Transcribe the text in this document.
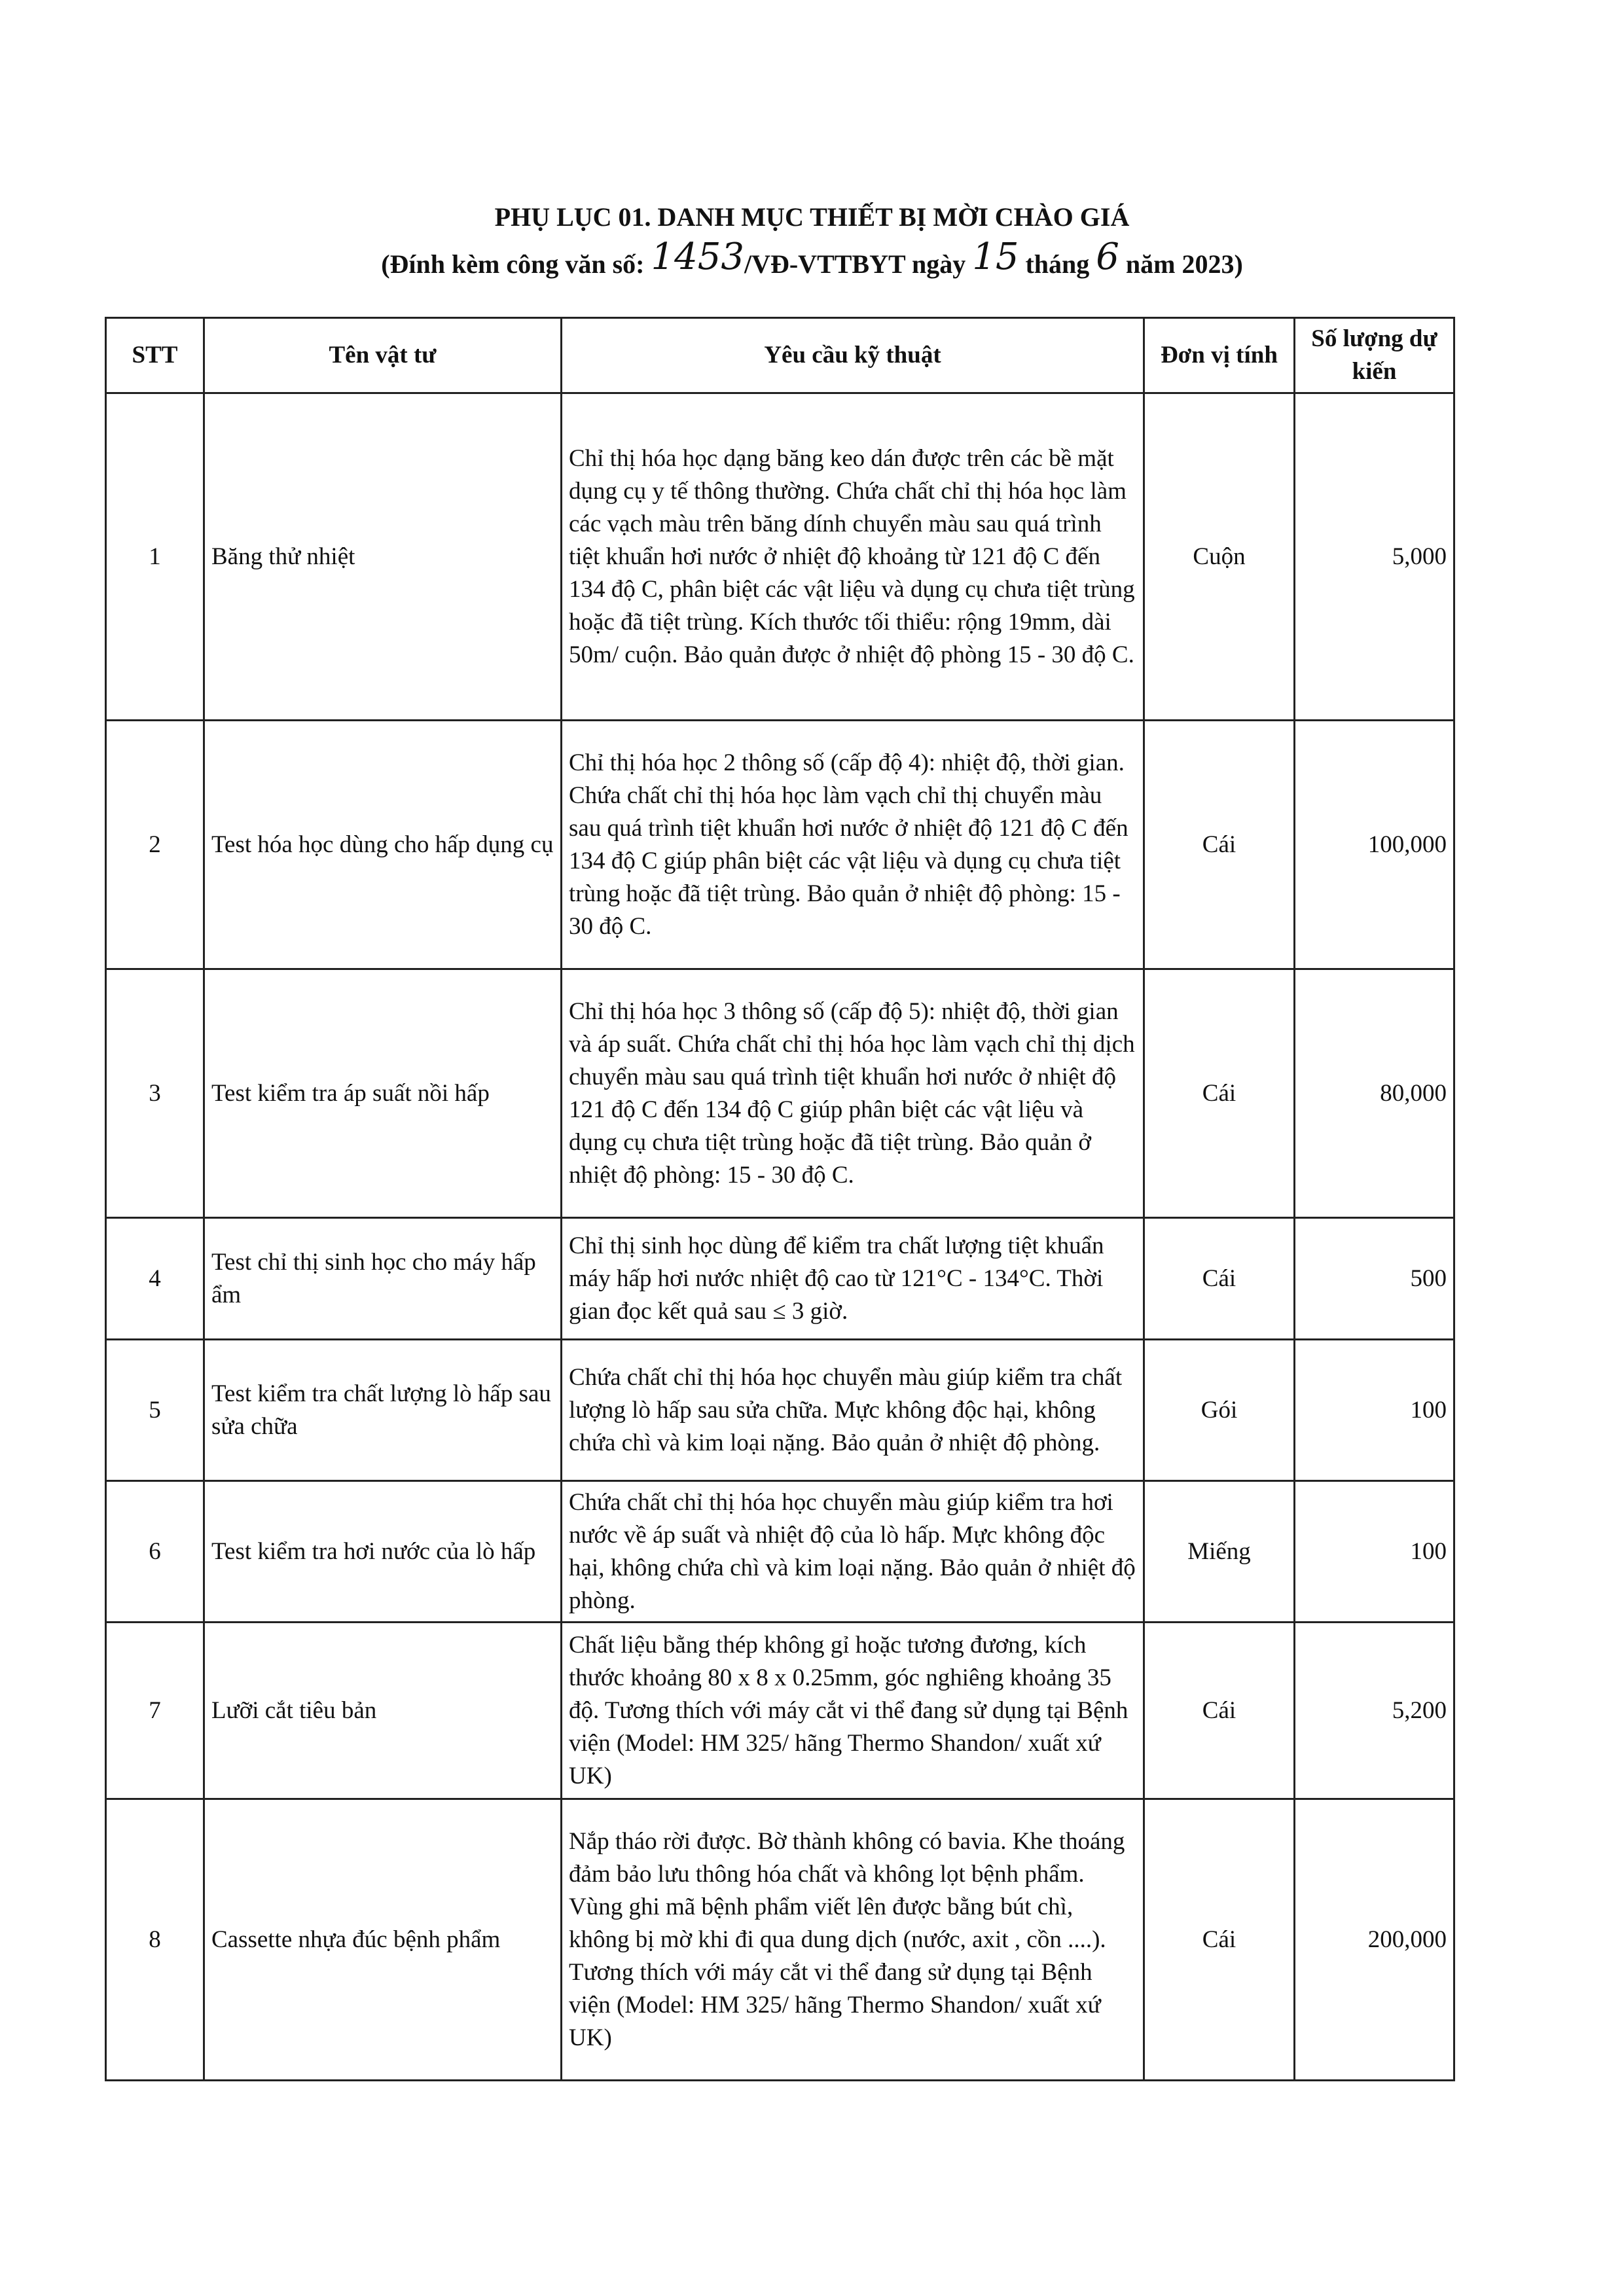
PHỤ LỤC 01. DANH MỤC THIẾT BỊ MỜI CHÀO GIÁ
(Đính kèm công văn số: 1453/VĐ-VTTBYT ngày 15 tháng 6 năm 2023)
STT	Tên vật tư	Yêu cầu kỹ thuật	Đơn vị tính	Số lượng dự kiến
1	Băng thử nhiệt	Chỉ thị hóa học dạng băng keo dán được trên các bề mặt dụng cụ y tế thông thường. Chứa chất chỉ thị hóa học làm các vạch màu trên băng dính chuyển màu sau quá trình tiệt khuẩn hơi nước ở nhiệt độ khoảng từ 121 độ C đến 134 độ C, phân biệt các vật liệu và dụng cụ chưa tiệt trùng hoặc đã tiệt trùng. Kích thước tối thiểu: rộng 19mm, dài 50m/ cuộn. Bảo quản được ở nhiệt độ phòng 15 - 30 độ C.	Cuộn	5,000
2	Test hóa học dùng cho hấp dụng cụ	Chỉ thị hóa học 2 thông số (cấp độ 4): nhiệt độ, thời gian. Chứa chất chỉ thị hóa học làm vạch chỉ thị chuyển màu sau quá trình tiệt khuẩn hơi nước ở nhiệt độ 121 độ C đến 134 độ C giúp phân biệt các vật liệu và dụng cụ chưa tiệt trùng hoặc đã tiệt trùng. Bảo quản ở nhiệt độ phòng: 15 - 30 độ C.	Cái	100,000
3	Test kiểm tra áp suất nồi hấp	Chỉ thị hóa học 3 thông số (cấp độ 5): nhiệt độ, thời gian và áp suất. Chứa chất chỉ thị hóa học làm vạch chỉ thị dịch chuyển màu sau quá trình tiệt khuẩn hơi nước ở nhiệt độ 121 độ C đến 134 độ C giúp phân biệt các vật liệu và dụng cụ chưa tiệt trùng hoặc đã tiệt trùng. Bảo quản ở nhiệt độ phòng: 15 - 30 độ C.	Cái	80,000
4	Test chỉ thị sinh học cho máy hấp ẩm	Chỉ thị sinh học dùng để kiểm tra chất lượng tiệt khuẩn máy hấp hơi nước nhiệt độ cao từ 121°C - 134°C. Thời gian đọc kết quả sau ≤ 3 giờ.	Cái	500
5	Test kiểm tra chất lượng lò hấp sau sửa chữa	Chứa chất chỉ thị hóa học chuyển màu giúp kiểm tra chất lượng lò hấp sau sửa chữa. Mực không độc hại, không chứa chì và kim loại nặng. Bảo quản ở nhiệt độ phòng.	Gói	100
6	Test kiểm tra hơi nước của lò hấp	Chứa chất chỉ thị hóa học chuyển màu giúp kiểm tra hơi nước về áp suất và nhiệt độ của lò hấp. Mực không độc hại, không chứa chì và kim loại nặng. Bảo quản ở nhiệt độ phòng.	Miếng	100
7	Lưỡi cắt tiêu bản	Chất liệu bằng thép không gỉ hoặc tương đương, kích thước khoảng 80 x 8 x 0.25mm, góc nghiêng khoảng 35 độ. Tương thích với máy cắt vi thể đang sử dụng tại Bệnh viện (Model: HM 325/ hãng Thermo Shandon/ xuất xứ UK)	Cái	5,200
8	Cassette nhựa đúc bệnh phẩm	Nắp tháo rời được. Bờ thành không có bavia. Khe thoáng đảm bảo lưu thông hóa chất và không lọt bệnh phẩm. Vùng ghi mã bệnh phẩm viết lên được bằng bút chì, không bị mờ khi đi qua dung dịch (nước, axit , cồn ....). Tương thích với máy cắt vi thể đang sử dụng tại Bệnh viện (Model: HM 325/ hãng Thermo Shandon/ xuất xứ UK)	Cái	200,000
